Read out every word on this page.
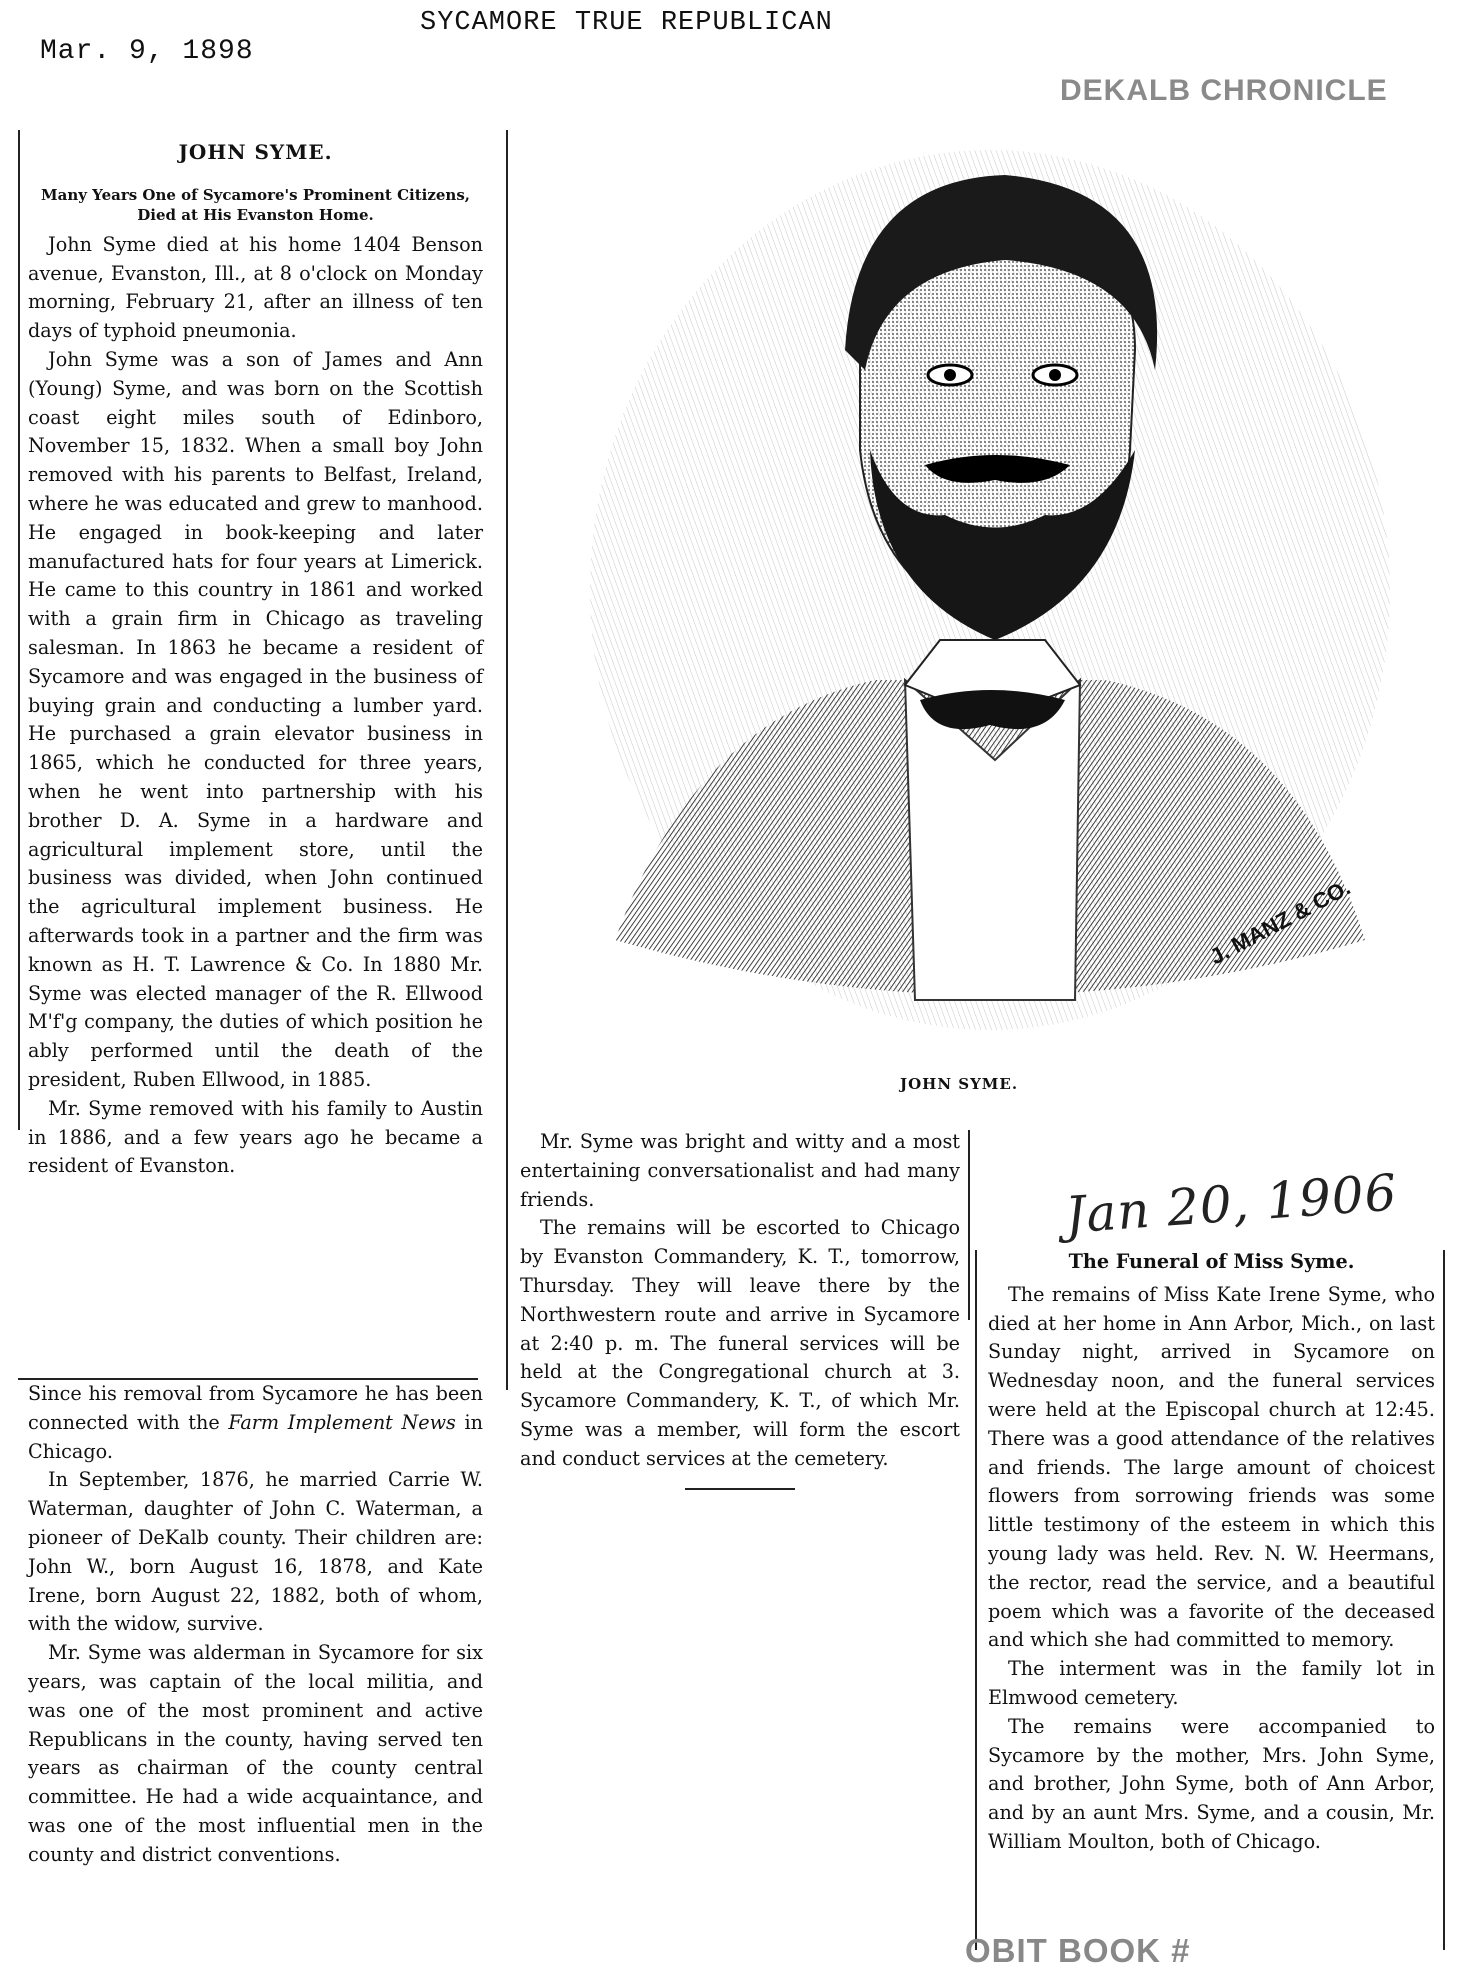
Mar. 9, 1898
SYCAMORE TRUE REPUBLICAN
DEKALB CHRONICLE

JOHN SYME.

Many Years One of Sycamore's Prominent Citizens, Died at His Evanston Home.

John Syme died at his home 1404 Benson avenue, Evanston, Ill., at 8 o'clock on Monday morning, February 21, after an illness of ten days of typhoid pneumonia.

John Syme was a son of James and Ann (Young) Syme, and was born on the Scottish coast eight miles south of Edinboro, November 15, 1832. When a small boy John removed with his parents to Belfast, Ireland, where he was educated and grew to manhood. He engaged in book-keeping and later manufactured hats for four years at Limerick. He came to this country in 1861 and worked with a grain firm in Chicago as traveling salesman. In 1863 he became a resident of Sycamore and was engaged in the business of buying grain and conducting a lumber yard. He purchased a grain elevator business in 1865, which he conducted for three years, when he went into partnership with his brother D. A. Syme in a hardware and agricultural implement store, until the business was divided, when John continued the agricultural implement business. He afterwards took in a partner and the firm was known as H. T. Lawrence & Co. In 1880 Mr. Syme was elected manager of the R. Ellwood M'f'g company, the duties of which position he ably performed until the death of the president, Ruben Ellwood, in 1885.

Mr. Syme removed with his family to Austin in 1886, and a few years ago he became a resident of Evanston.

Since his removal from Sycamore he has been connected with the Farm Implement News in Chicago.

In September, 1876, he married Carrie W. Waterman, daughter of John C. Waterman, a pioneer of DeKalb county. Their children are: John W., born August 16, 1878, and Kate Irene, born August 22, 1882, both of whom, with the widow, survive.

Mr. Syme was alderman in Sycamore for six years, was captain of the local militia, and was one of the most prominent and active Republicans in the county, having served ten years as chairman of the county central committee. He had a wide acquaintance, and was one of the most influential men in the county and district conventions.

J. MANZ & CO.
JOHN SYME.

Mr. Syme was bright and witty and a most entertaining conversationalist and had many friends.

The remains will be escorted to Chicago by Evanston Commandery, K. T., tomorrow, Thursday. They will leave there by the Northwestern route and arrive in Sycamore at 2:40 p. m. The funeral services will be held at the Congregational church at 3. Sycamore Commandery, K. T., of which Mr. Syme was a member, will form the escort and conduct services at the cemetery.

Jan 20, 1906

The Funeral of Miss Syme.

The remains of Miss Kate Irene Syme, who died at her home in Ann Arbor, Mich., on last Sunday night, arrived in Sycamore on Wednesday noon, and the funeral services were held at the Episcopal church at 12:45. There was a good attendance of the relatives and friends. The large amount of choicest flowers from sorrowing friends was some little testimony of the esteem in which this young lady was held. Rev. N. W. Heermans, the rector, read the service, and a beautiful poem which was a favorite of the deceased and which she had committed to memory.

The interment was in the family lot in Elmwood cemetery.

The remains were accompanied to Sycamore by the mother, Mrs. John Syme, and brother, John Syme, both of Ann Arbor, and by an aunt Mrs. Syme, and a cousin, Mr. William Moulton, both of Chicago.

OBIT BOOK #
